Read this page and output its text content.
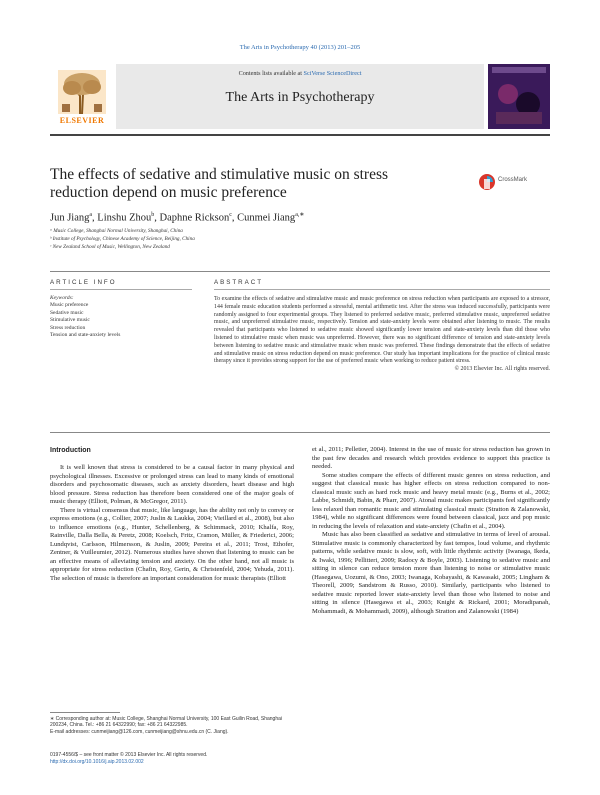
The Arts in Psychotherapy 40 (2013) 201–205
ELSEVIER
Contents lists available at SciVerse ScienceDirect
The Arts in Psychotherapy
The effects of sedative and stimulative music on stress reduction depend on music preference
CrossMark
Jun Jiang$^a$, Linshu Zhou$^b$, Daphne Rickson$^c$, Cunmei Jiang$^{a,∗}$
ᵃ Music College, Shanghai Normal University, Shanghai, China
ᵇ Institute of Psychology, Chinese Academy of Science, Beijing, China
ᶜ New Zealand School of Music, Wellington, New Zealand
ARTICLE INFO	ABSTRACT
Keywords:
Music preference
Sedative music
Stimulative music
Stress reduction
Tension and state-anxiety levels
To examine the effects of sedative and stimulative music and music preference on stress reduction when participants are exposed to a stressor, 144 female music education students performed a stressful, mental arithmetic test. After the stress was induced successfully, participants were randomly assigned to four experimental groups. They listened to preferred sedative music, preferred stimulative music, unpreferred sedative music, and unpreferred stimulative music, respectively. Tension and state-anxiety levels were obtained after listening to music. The results revealed that participants who listened to sedative music showed significantly lower tension and state-anxiety levels than did those who listened to stimulative music when music was unpreferred. However, there was no significant difference of tension and state-anxiety levels between listening to sedative music and stimulative music when music was preferred. These findings demonstrate that the effects of sedative and stimulative music on stress reduction depend on music preference. Our study has important implications for the practice of clinical music therapy since it provides strong support for the use of preferred music when working to reduce patient stress.
© 2013 Elsevier Inc. All rights reserved.
Introduction

It is well known that stress is considered to be a causal factor in many physical and psychological illnesses. Excessive or prolonged stress can lead to many kinds of emotional disorders and psychosomatic diseases, such as anxiety disorders, heart disease and high blood pressure. Stress reduction has therefore been considered one of the major goals of music therapy (Elliott, Polman, & McGregor, 2011).

There is virtual consensus that music, like language, has the ability not only to convey or express emotions (e.g., Collier, 2007; Juslin & Laukka, 2004; Vieillard et al., 2008), but also to influence emotions (e.g., Hunter, Schellenberg, & Schimmack, 2010; Khalfa, Roy, Rainville, Dalla Bella, & Peretz, 2008; Koelsch, Fritz, Cramon, Müller, & Friederici, 2006; Lundqvist, Carlsson, Hilmersson, & Juslin, 2009; Pereira et al., 2011; Trost, Ethofer, Zentner, & Vuilleumier, 2012). Numerous studies have shown that listening to music can be an effective means of alleviating tension and anxiety. On the other hand, not all music is appropriate for stress reduction (Chafin, Roy, Gerin, & Christenfeld, 2004; Yehuda, 2011). The selection of music is therefore an important consideration for music therapists (Elliott

et al., 2011; Pelletier, 2004). Interest in the use of music for stress reduction has grown in the past few decades and research which provides evidence to support this practice is needed.

Some studies compare the effects of different music genres on stress reduction, and suggest that classical music has higher effects on stress reduction compared to non-classical music such as hard rock music and heavy metal music (e.g., Burns et al., 2002; Labbe, Schmidt, Babin, & Pharr, 2007). Atonal music makes participants feel significantly less relaxed than romantic music and stimulating classical music (Stratton & Zalanowski, 1984), while no significant differences were found between classical, jazz and pop music in reducing the levels of relaxation and state-anxiety (Chafin et al., 2004).

Music has also been classified as sedative and stimulative in terms of level of arousal. Stimulative music is commonly characterized by fast tempos, loud volume, and rhythmic patterns, while sedative music is slow, soft, with little rhythmic activity (Iwanaga, Ikeda, & Iwaki, 1996; Pellitteri, 2009; Radocy & Boyle, 2003). Listening to sedative music and sitting in silence can reduce tension more than listening to noise or stimulative music (Hasegawa, Uozumi, & Ono, 2003; Iwanaga, Kobayashi, & Kawasaki, 2005; Lingham & Theorell, 2009; Sandstrom & Russo, 2010). Similarly, participants who listened to sedative music reported lower state-anxiety level than those who listened to noise and sitting in silence (Hasegawa et al., 2003; Knight & Rickard, 2001; Moradipanah, Mohammadi, & Mohammadi, 2009), although Stratton and Zalanowski (1984)

∗ Corresponding author at: Music College, Shanghai Normal University, 100 East Guilin Road, Shanghai 200234, China. Tel.: +86 21 64322990; fax: +86 21 64322985.

E-mail addresses: cunmeijiang@126.com, cunmeijiang@shnu.edu.cn (C. Jiang).

0197-4556/$ – see front matter © 2013 Elsevier Inc. All rights reserved.
http://dx.doi.org/10.1016/j.aip.2013.02.002
